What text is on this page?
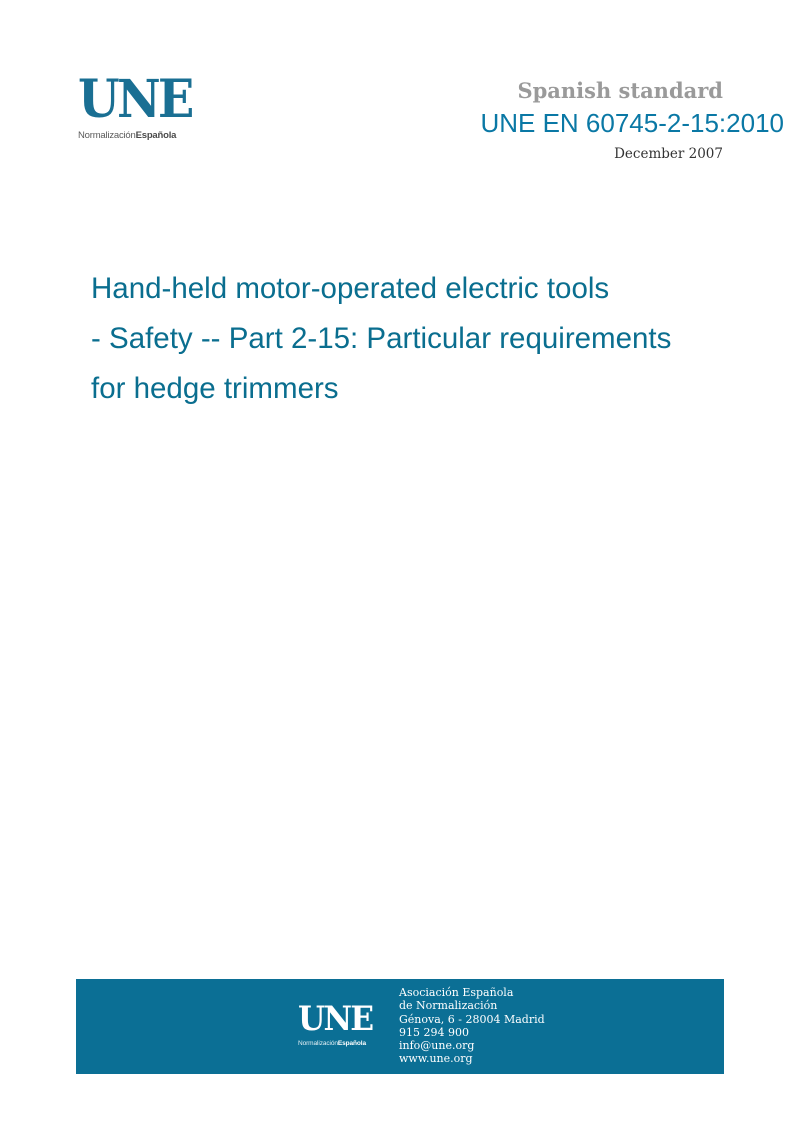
UNE
NormalizaciónEspañola
Spanish standard
UNE EN 60745-2-15:2010
December 2007
Hand-held motor-operated electric tools
- Safety -- Part 2-15: Particular requirements
for hedge trimmers
UNE
NormalizaciónEspañola
Asociación Española
de Normalización
Génova, 6 - 28004 Madrid
915 294 900
info@une.org
www.une.org
